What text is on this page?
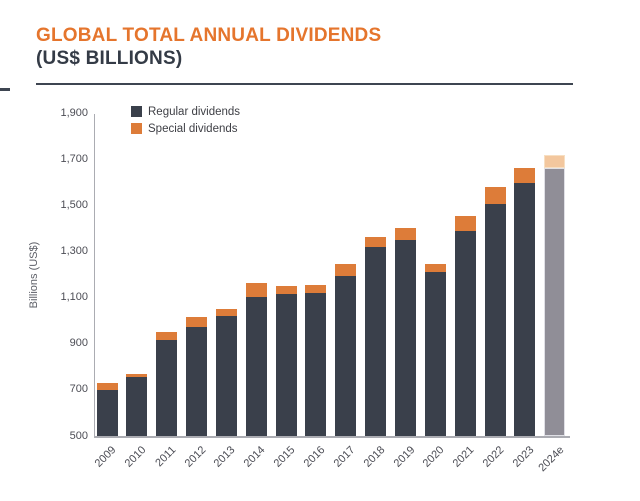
GLOBAL TOTAL ANNUAL DIVIDENDS
(US$ BILLIONS)
Regular dividends
Special dividends
Billions (US$)
500
700
900
1,100
1,300
1,500
1,700
1,900
2009 2010 2011 2012 2013 2014 2015 2016 2017 2018 2019 2020 2021 2022 2023 2024e
